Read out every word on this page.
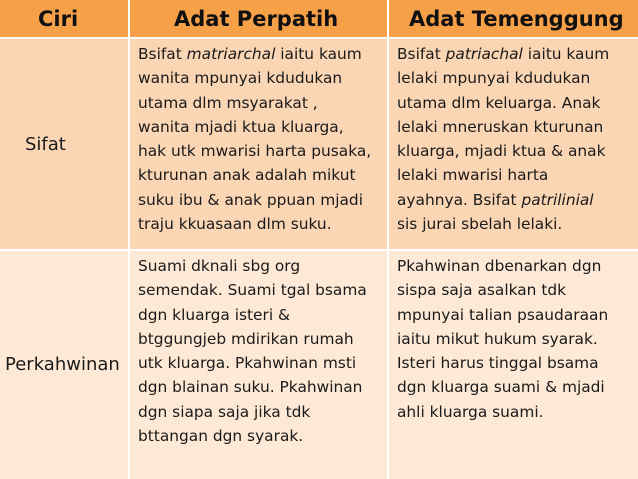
Ciri	Adat Perpatih	Adat Temenggung
Sifat

Bsifat matriarchal iaitu kaum
wanita mpunyai kdudukan
utama dlm msyarakat ,
wanita mjadi ktua kluarga,
hak utk mwarisi harta pusaka,
kturunan anak adalah mikut
suku ibu & anak ppuan mjadi
traju kkuasaan dlm suku.

Bsifat patriachal iaitu kaum
lelaki mpunyai kdudukan
utama dlm keluarga. Anak
lelaki mneruskan kturunan
kluarga, mjadi ktua & anak
lelaki mwarisi harta
ayahnya. Bsifat patrilinial
sis jurai sbelah lelaki.

Perkahwinan

Suami dknali sbg org
semendak. Suami tgal bsama
dgn kluarga isteri &
btggungjeb mdirikan rumah
utk kluarga. Pkahwinan msti
dgn blainan suku. Pkahwinan
dgn siapa saja jika tdk
bttangan dgn syarak.

Pkahwinan dbenarkan dgn
sispa saja asalkan tdk
mpunyai talian psaudaraan
iaitu mikut hukum syarak.
Isteri harus tinggal bsama
dgn kluarga suami & mjadi
ahli kluarga suami.
